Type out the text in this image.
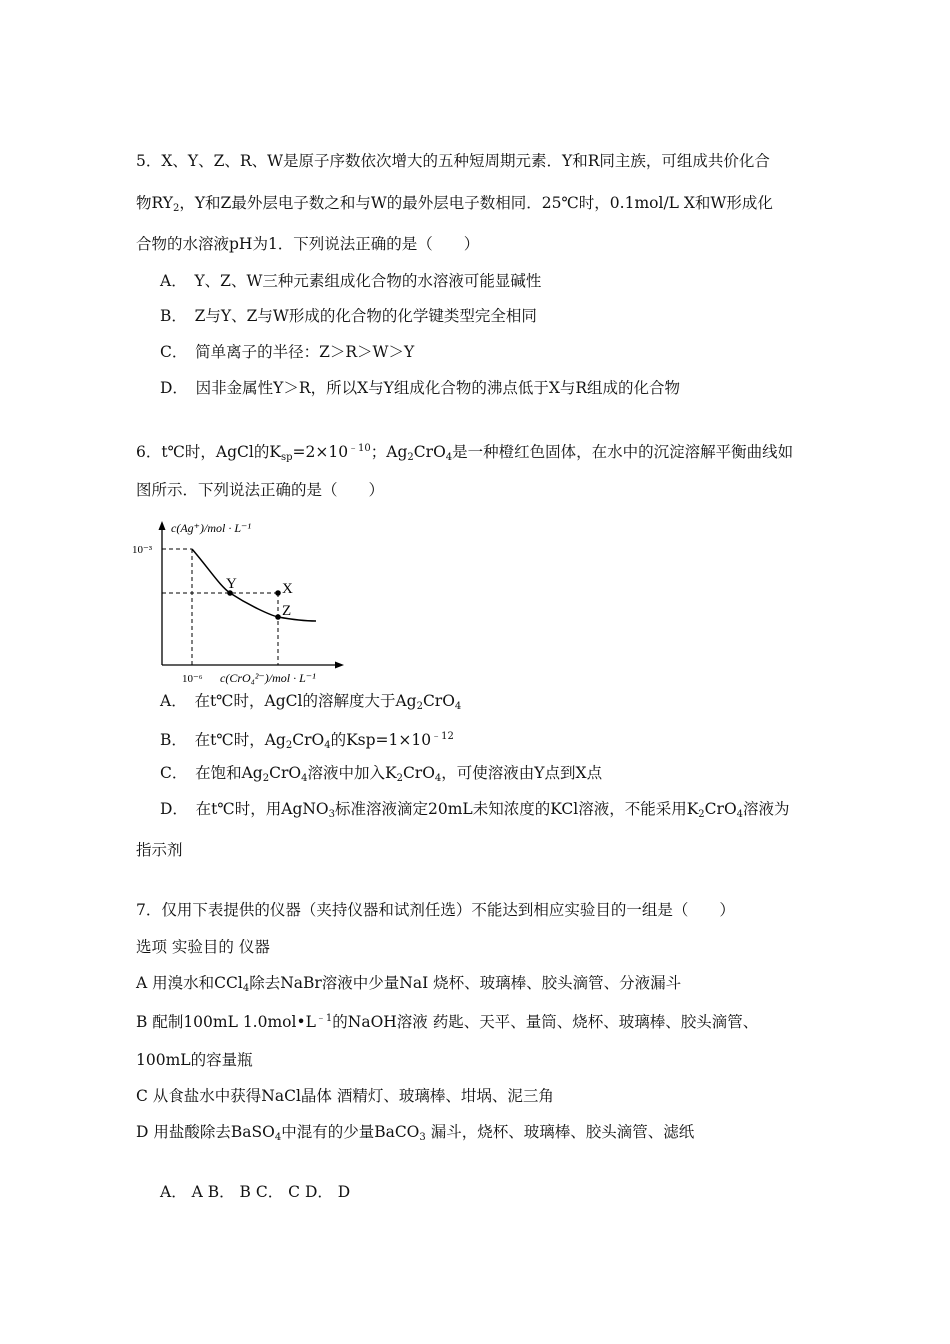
5．X、Y、Z、R、W是原子序数依次增大的五种短周期元素．Y和R同主族，可组成共价化合
物$RY_2$，Y和Z最外层电子数之和与W的最外层电子数相同．25℃时，0.1mol/L X和W形成化
合物的水溶液pH为1．下列说法正确的是（　　）
A．　Y、Z、W三种元素组成化合物的水溶液可能显碱性
B．　Z与Y、Z与W形成的化合物的化学键类型完全相同
C．　简单离子的半径：Z＞R＞W＞Y
D．　因非金属性Y＞R，所以X与Y组成化合物的沸点低于X与R组成的化合物
6．t℃时，AgCl的$K_{sp}=2\times 10^{﹣10}$；$Ag_2CrO_4$是一种橙红色固体，在水中的沉淀溶解平衡曲线如
图所示．下列说法正确的是（　　）
c(Ag⁺)/mol · L⁻¹
10⁻³
10⁻⁶ c(CrO₄²⁻)/mol · L⁻¹
Y	X
Z
A．　在t℃时，AgCl的溶解度大于$Ag_2CrO_4$
B．　在t℃时，$Ag_2CrO_4$的$Ksp=1\times 10^{﹣12}$
C．　在饱和$Ag_2CrO_4$溶液中加入$K_2CrO_4$，可使溶液由Y点到X点
D．　在t℃时，用AgNO$_3$标准溶液滴定20mL未知浓度的KCl溶液，不能采用$K_2CrO_4$溶液为
指示剂
7．仅用下表提供的仪器（夹持仪器和试剂任选）不能达到相应实验目的一组是（　　）
选项 实验目的 仪器
A 用溴水和CCl$_4$除去NaBr溶液中少量NaI 烧杯、玻璃棒、胶头滴管、分液漏斗
B 配制100mL $1.0mol•L^{﹣1}$的NaOH溶液 药匙、天平、量筒、烧杯、玻璃棒、胶头滴管、
100mL的容量瓶
C 从食盐水中获得NaCl晶体 酒精灯、玻璃棒、坩埚、泥三角
D 用盐酸除去BaSO$_4$中混有的少量BaCO$_3$ 漏斗，烧杯、玻璃棒、胶头滴管、滤纸
A． A B． B C． C D． D
